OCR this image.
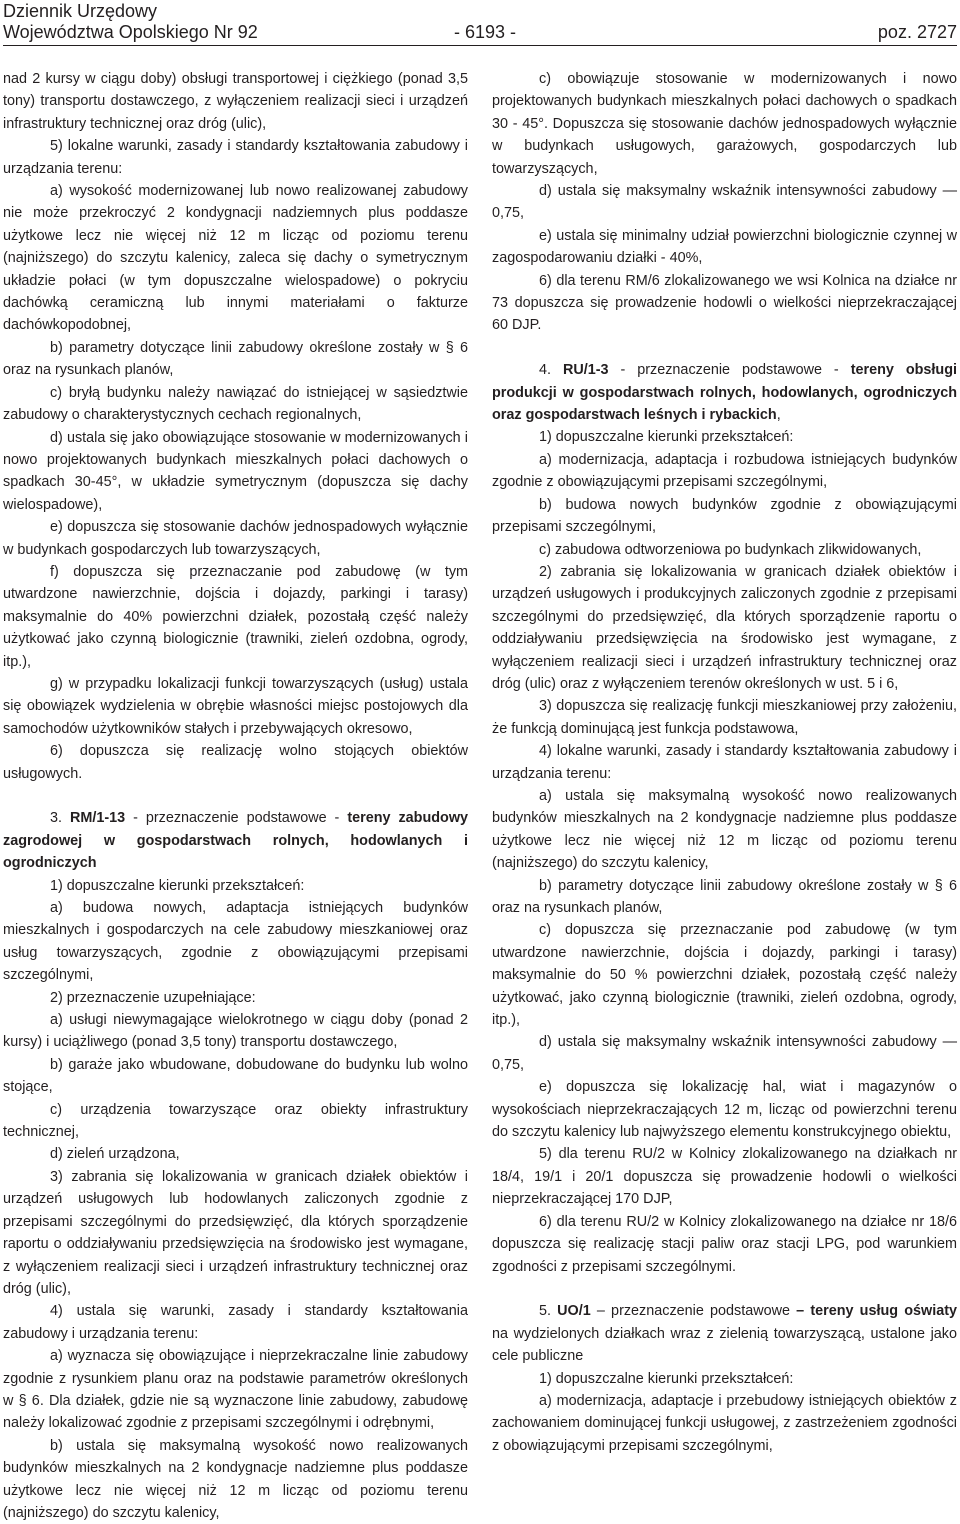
Dziennik Urzędowy
Województwa Opolskiego Nr 92	- 6193 -	poz. 2727

nad 2 kursy w ciągu doby) obsługi transportowej i ciężkiego (ponad 3,5 tony) transportu dostawczego, z wyłączeniem realizacji sieci i urządzeń infrastruktury technicznej oraz dróg (ulic),

5) lokalne warunki, zasady i standardy kształtowania zabudowy i urządzania terenu:

a) wysokość modernizowanej lub nowo realizowanej zabudowy nie może przekroczyć 2 kondygnacji nadziemnych plus poddasze użytkowe lecz nie więcej niż 12 m licząc od poziomu terenu (najniższego) do szczytu kalenicy, zaleca się dachy o symetrycznym układzie połaci (w tym dopuszczalne wielospadowe) o pokryciu dachówką ceramiczną lub innymi materiałami o fakturze dachówkopodobnej,

b) parametry dotyczące linii zabudowy określone zostały w § 6 oraz na rysunkach planów,

c) bryłą budynku należy nawiązać do istniejącej w sąsiedztwie zabudowy o charakterystycznych cechach regionalnych,

d) ustala się jako obowiązujące stosowanie w modernizowanych i nowo projektowanych budynkach mieszkalnych połaci dachowych o spadkach 30-45°, w układzie symetrycznym (dopuszcza się dachy wielospadowe),

e) dopuszcza się stosowanie dachów jednospadowych wyłącznie w budynkach gospodarczych lub towarzyszących,

f) dopuszcza się przeznaczanie pod zabudowę (w tym utwardzone nawierzchnie, dojścia i dojazdy, parkingi i tarasy) maksymalnie do 40% powierzchni działek, pozostałą część należy użytkować jako czynną biologicznie (trawniki, zieleń ozdobna, ogrody, itp.),

g) w przypadku lokalizacji funkcji towarzyszących (usług) ustala się obowiązek wydzielenia w obrębie własności miejsc postojowych dla samochodów użytkowników stałych i przebywających okresowo,

6) dopuszcza się realizację wolno stojących obiektów usługowych.

3. RM/1-13 - przeznaczenie podstawowe - tereny zabudowy zagrodowej w gospodarstwach rolnych, hodowlanych i ogrodniczych

1) dopuszczalne kierunki przekształceń:

a) budowa nowych, adaptacja istniejących budynków mieszkalnych i gospodarczych na cele zabudowy mieszkaniowej oraz usług towarzyszących, zgodnie z obowiązującymi przepisami szczególnymi,

2) przeznaczenie uzupełniające:

a) usługi niewymagające wielokrotnego w ciągu doby (ponad 2 kursy) i uciążliwego (ponad 3,5 tony) transportu dostawczego,

b) garaże jako wbudowane, dobudowane do budynku lub wolno stojące,

c) urządzenia towarzyszące oraz obiekty infrastruktury technicznej,

d) zieleń urządzona,

3) zabrania się lokalizowania w granicach działek obiektów i urządzeń usługowych lub hodowlanych zaliczonych zgodnie z przepisami szczególnymi do przedsięwzięć, dla których sporządzenie raportu o oddziaływaniu przedsięwzięcia na środowisko jest wymagane, z wyłączeniem realizacji sieci i urządzeń infrastruktury technicznej oraz dróg (ulic),

4) ustala się warunki, zasady i standardy kształtowania zabudowy i urządzania terenu:

a) wyznacza się obowiązujące i nieprzekraczalne linie zabudowy zgodnie z rysunkiem planu oraz na podstawie parametrów określonych w § 6. Dla działek, gdzie nie są wyznaczone linie zabudowy, zabudowę należy lokalizować zgodnie z przepisami szczególnymi i odrębnymi,

b) ustala się maksymalną wysokość nowo realizowanych budynków mieszkalnych na 2 kondygnacje nadziemne plus poddasze użytkowe lecz nie więcej niż 12 m licząc od poziomu terenu (najniższego) do szczytu kalenicy,

c) obowiązuje stosowanie w modernizowanych i nowo projektowanych budynkach mieszkalnych połaci dachowych o spadkach 30 - 45°. Dopuszcza się stosowanie dachów jednospadowych wyłącznie w budynkach usługowych, garażowych, gospodarczych lub towarzyszących,

d) ustala się maksymalny wskaźnik intensywności zabudowy — 0,75,

e) ustala się minimalny udział powierzchni biologicznie czynnej w zagospodarowaniu działki - 40%,

6) dla terenu RM/6 zlokalizowanego we wsi Kolnica na działce nr 73 dopuszcza się prowadzenie hodowli o wielkości nieprzekraczającej 60 DJP.

4. RU/1-3 - przeznaczenie podstawowe - tereny obsługi produkcji w gospodarstwach rolnych, hodowlanych, ogrodniczych oraz gospodarstwach leśnych i rybackich,

1) dopuszczalne kierunki przekształceń:

a) modernizacja, adaptacja i rozbudowa istniejących budynków zgodnie z obowiązującymi przepisami szczególnymi,

b) budowa nowych budynków zgodnie z obowiązującymi przepisami szczególnymi,

c) zabudowa odtworzeniowa po budynkach zlikwidowanych,

2) zabrania się lokalizowania w granicach działek obiektów i urządzeń usługowych i produkcyjnych zaliczonych zgodnie z przepisami szczególnymi do przedsięwzięć, dla których sporządzenie raportu o oddziaływaniu przedsięwzięcia na środowisko jest wymagane, z wyłączeniem realizacji sieci i urządzeń infrastruktury technicznej oraz dróg (ulic) oraz z wyłączeniem terenów określonych w ust. 5 i 6,

3) dopuszcza się realizację funkcji mieszkaniowej przy założeniu, że funkcją dominującą jest funkcja podstawowa,

4) lokalne warunki, zasady i standardy kształtowania zabudowy i urządzania terenu:

a) ustala się maksymalną wysokość nowo realizowanych budynków mieszkalnych na 2 kondygnacje nadziemne plus poddasze użytkowe lecz nie więcej niż 12 m licząc od poziomu terenu (najniższego) do szczytu kalenicy,

b) parametry dotyczące linii zabudowy określone zostały w § 6 oraz na rysunkach planów,

c) dopuszcza się przeznaczanie pod zabudowę (w tym utwardzone nawierzchnie, dojścia i dojazdy, parkingi i tarasy) maksymalnie do 50 % powierzchni działek, pozostałą część należy użytkować, jako czynną biologicznie (trawniki, zieleń ozdobna, ogrody, itp.),

d) ustala się maksymalny wskaźnik intensywności zabudowy — 0,75,

e) dopuszcza się lokalizację hal, wiat i magazynów o wysokościach nieprzekraczających 12 m, licząc od powierzchni terenu do szczytu kalenicy lub najwyższego elementu konstrukcyjnego obiektu,

5) dla terenu RU/2 w Kolnicy zlokalizowanego na działkach nr 18/4, 19/1 i 20/1 dopuszcza się prowadzenie hodowli o wielkości nieprzekraczającej 170 DJP,

6) dla terenu RU/2 w Kolnicy zlokalizowanego na działce nr 18/6 dopuszcza się realizację stacji paliw oraz stacji LPG, pod warunkiem zgodności z przepisami szczególnymi.

5. UO/1 – przeznaczenie podstawowe – tereny usług oświaty na wydzielonych działkach wraz z zielenią towarzyszącą, ustalone jako cele publiczne

1) dopuszczalne kierunki przekształceń:

a) modernizacja, adaptacje i przebudowy istniejących obiektów z zachowaniem dominującej funkcji usługowej, z zastrzeżeniem zgodności z obowiązującymi przepisami szczególnymi,
